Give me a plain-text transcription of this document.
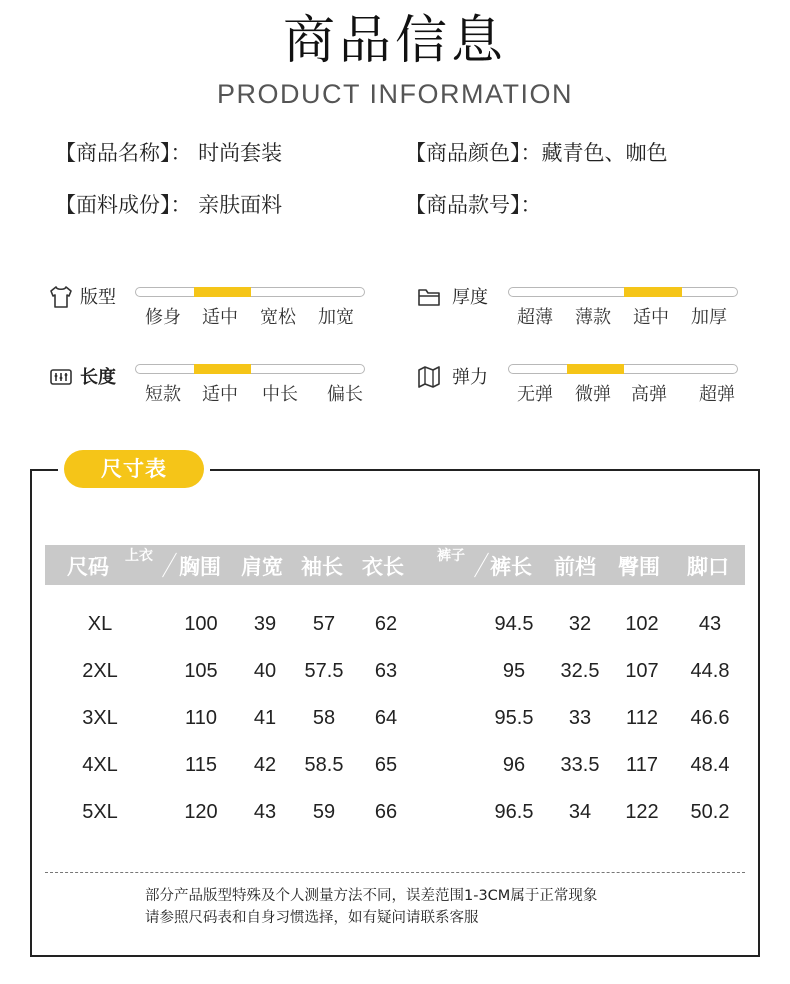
商品信息
PRODUCT INFORMATION
【商品名称】： 时尚套装	【商品颜色】：藏青色、咖色
【面料成份】： 亲肤面料	【商品款号】：
版型
修身 适中 宽松 加宽
厚度
超薄 薄款 适中 加厚
长度
短款 适中 中长 偏长
弹力
无弹 微弹 高弹 超弹
尺寸表
尺码 上衣 胸围 肩宽 袖长 衣长 裤子 裤长 前档 臀围 脚口
XL	100 39 57 62	94.5 32 102 43
2XL	105 40 57.5 63	95 32.5 107 44.8
3XL	110 41 58 64	95.5 33 112 46.6
4XL	115 42 58.5 65	96 33.5 117 48.4
5XL	120 43 59 66	96.5 34 122 50.2
部分产品版型特殊及个人测量方法不同，误差范围1-3CM属于正常现象
请参照尺码表和自身习惯选择，如有疑问请联系客服
